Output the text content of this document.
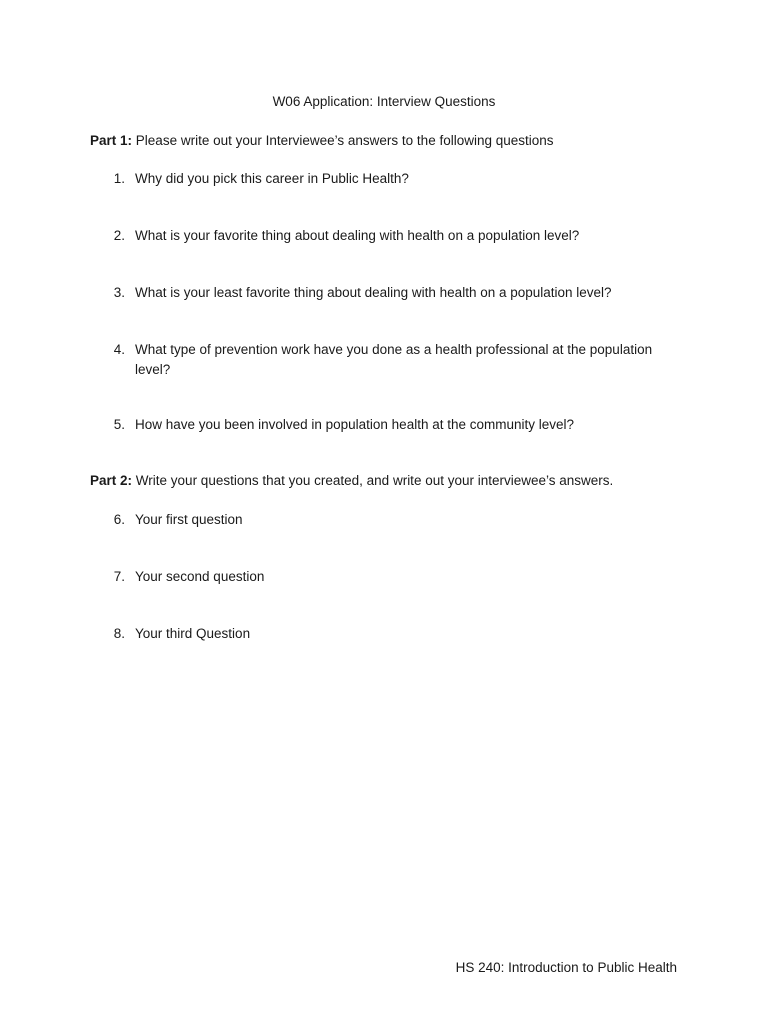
W06 Application: Interview Questions
Part 1: Please write out your Interviewee’s answers to the following questions
1. Why did you pick this career in Public Health?
2. What is your favorite thing about dealing with health on a population level?
3. What is your least favorite thing about dealing with health on a population level?
4. What type of prevention work have you done as a health professional at the population level?
5. How have you been involved in population health at the community level?
Part 2: Write your questions that you created, and write out your interviewee’s answers.
6. Your first question
7. Your second question
8. Your third Question
HS 240: Introduction to Public Health
